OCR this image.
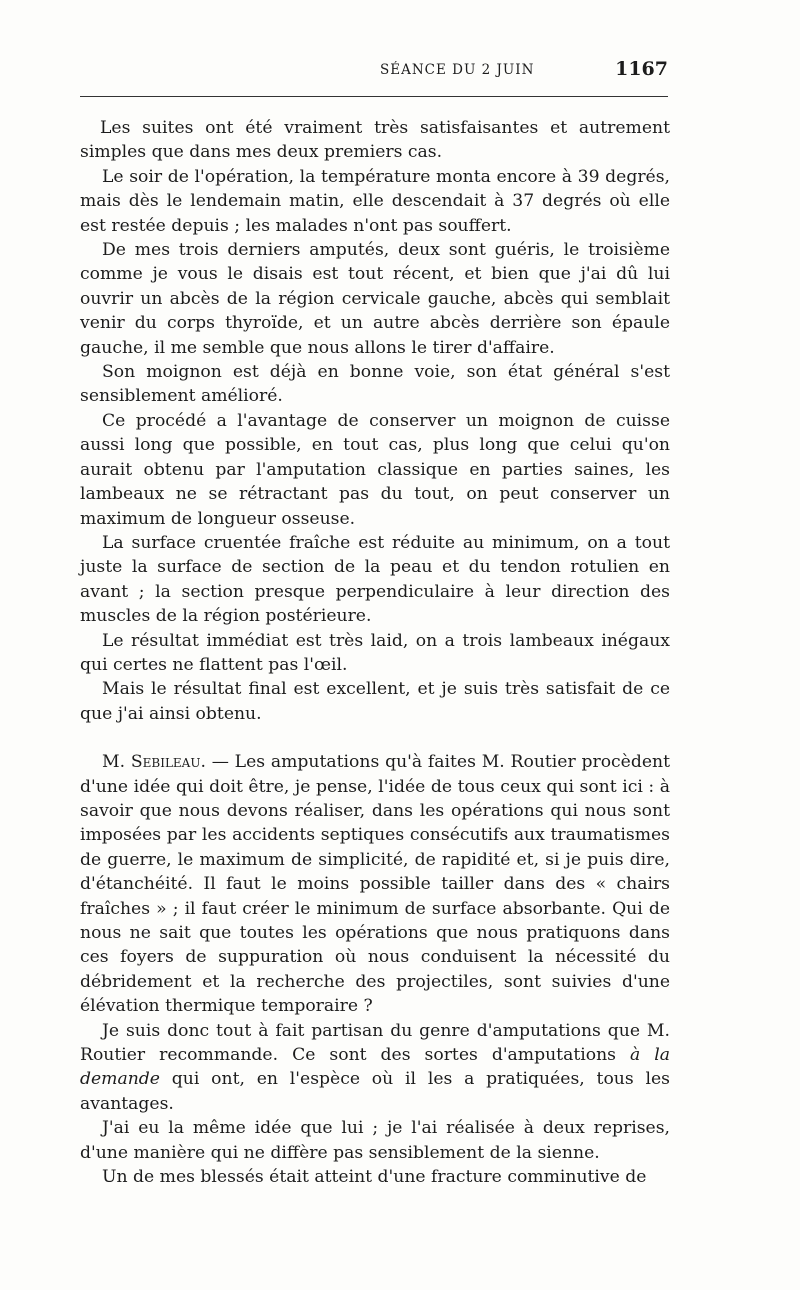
SÉANCE DU 2 JUIN	1167

Les suites ont été vraiment très satisfaisantes et autrement simples que dans mes deux premiers cas.

Le soir de l'opération, la température monta encore à 39 degrés, mais dès le lendemain matin, elle descendait à 37 degrés où elle est restée depuis ; les malades n'ont pas souffert.

De mes trois derniers amputés, deux sont guéris, le troisième comme je vous le disais est tout récent, et bien que j'ai dû lui ouvrir un abcès de la région cervicale gauche, abcès qui semblait venir du corps thyroïde, et un autre abcès derrière son épaule gauche, il me semble que nous allons le tirer d'affaire.

Son moignon est déjà en bonne voie, son état général s'est sensiblement amélioré.

Ce procédé a l'avantage de conserver un moignon de cuisse aussi long que possible, en tout cas, plus long que celui qu'on aurait obtenu par l'amputation classique en parties saines, les lambeaux ne se rétractant pas du tout, on peut conserver un maximum de longueur osseuse.

La surface cruentée fraîche est réduite au minimum, on a tout juste la surface de section de la peau et du tendon rotulien en avant ; la section presque perpendiculaire à leur direction des muscles de la région postérieure.

Le résultat immédiat est très laid, on a trois lambeaux inégaux qui certes ne flattent pas l'œil.

Mais le résultat final est excellent, et je suis très satisfait de ce que j'ai ainsi obtenu.

M. Sebileau. — Les amputations qu'à faites M. Routier procèdent d'une idée qui doit être, je pense, l'idée de tous ceux qui sont ici : à savoir que nous devons réaliser, dans les opérations qui nous sont imposées par les accidents septiques consécutifs aux traumatismes de guerre, le maximum de simplicité, de rapidité et, si je puis dire, d'étanchéité. Il faut le moins possible tailler dans des « chairs fraîches » ; il faut créer le minimum de surface absorbante. Qui de nous ne sait que toutes les opérations que nous pratiquons dans ces foyers de suppuration où nous conduisent la nécessité du débridement et la recherche des projectiles, sont suivies d'une élévation thermique temporaire ?

Je suis donc tout à fait partisan du genre d'amputations que M. Routier recommande. Ce sont des sortes d'amputations à la demande qui ont, en l'espèce où il les a pratiquées, tous les avantages.

J'ai eu la même idée que lui ; je l'ai réalisée à deux reprises, d'une manière qui ne diffère pas sensiblement de la sienne.

Un de mes blessés était atteint d'une fracture comminutive de
